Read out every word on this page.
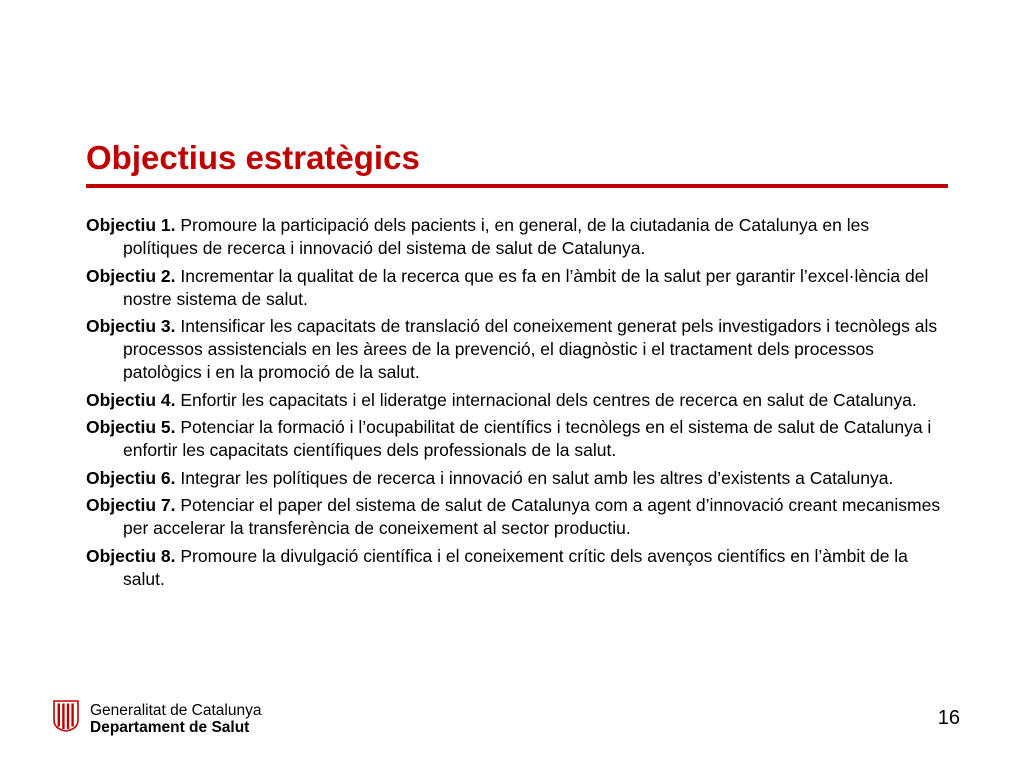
Objectius estratègics
Objectiu 1. Promoure la participació dels pacients i, en general, de la ciutadania de Catalunya en les polítiques de recerca i innovació del sistema de salut de Catalunya.
Objectiu 2. Incrementar la qualitat de la recerca que es fa en l’àmbit de la salut per garantir l’excel·lència del nostre sistema de salut.
Objectiu 3. Intensificar les capacitats de translació del coneixement generat pels investigadors i tecnòlegs als processos assistencials en les àrees de la prevenció, el diagnòstic i el tractament dels processos patològics i en la promoció de la salut.
Objectiu 4. Enfortir les capacitats i el lideratge internacional dels centres de recerca en salut de Catalunya.
Objectiu 5. Potenciar la formació i l’ocupabilitat de científics i tecnòlegs en el sistema de salut de Catalunya i enfortir les capacitats científiques dels professionals de la salut.
Objectiu 6. Integrar les polítiques de recerca i innovació en salut amb les altres d’existents a Catalunya.
Objectiu 7. Potenciar el paper del sistema de salut de Catalunya com a agent d’innovació creant mecanismes per accelerar la transferència de coneixement al sector productiu.
Objectiu 8. Promoure la divulgació científica i el coneixement crític dels avenços científics en l’àmbit de la salut.
Generalitat de Catalunya
Departament de Salut	16
